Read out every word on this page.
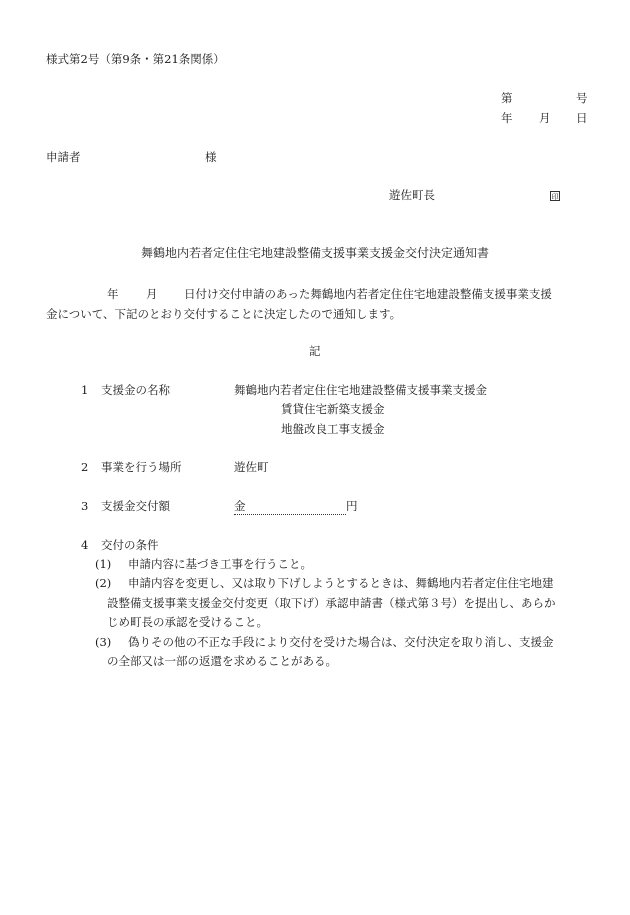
様式第2号（第9条・第21条関係）
第	号
年 月 日
申請者	様
遊佐町長	印
舞鶴地内若者定住住宅地建設整備支援事業支援金交付決定通知書
年 月 日付け交付申請のあった舞鶴地内若者定住住宅地建設整備支援事業支援
金について、下記のとおり交付することに決定したので通知します。
記
1 支援金の名称	舞鶴地内若者定住住宅地建設整備支援事業支援金
賃貸住宅新築支援金
地盤改良工事支援金
2 事業を行う場所	遊佐町
3 支援金交付額	金	円
4 交付の条件
(1) 申請内容に基づき工事を行うこと。
(2) 申請内容を変更し、又は取り下げしようとするときは、舞鶴地内若者定住住宅地建
設整備支援事業支援金交付変更（取下げ）承認申請書（様式第３号）を提出し、あらか
じめ町長の承認を受けること。
(3) 偽りその他の不正な手段により交付を受けた場合は、交付決定を取り消し、支援金
の全部又は一部の返還を求めることがある。
